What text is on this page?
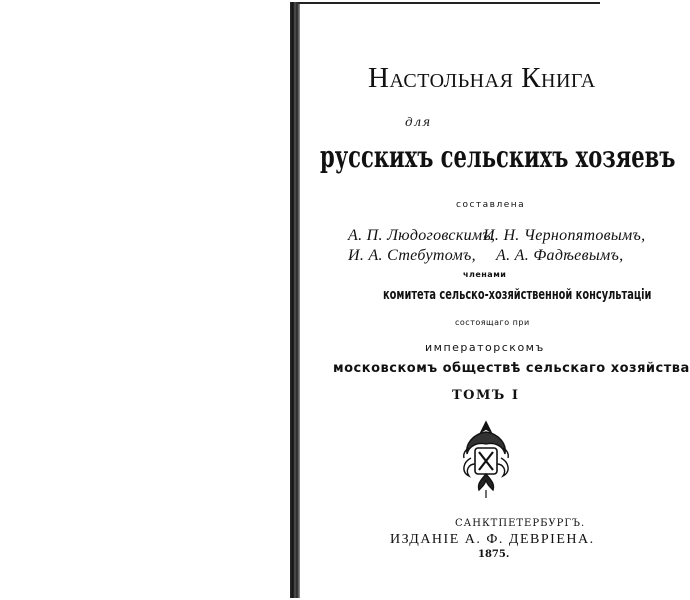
Настольная Книга
для
русскихъ сельскихъ хозяевъ
составлена
А. П. Людоговскимъ,
И. Н. Чернопятовымъ,
И. А. Стебутомъ, А. А. Фадѣевымъ,
членами
комитета сельско-хозяйственной консультаціи
состоящаго при
императорскомъ
московскомъ обществѣ сельскаго хозяйства
ТОМЪ I
САНКТПЕТЕРБУРГЪ.
ИЗДАНІЕ А. Ф. ДЕВРІЕНА.
1875.
